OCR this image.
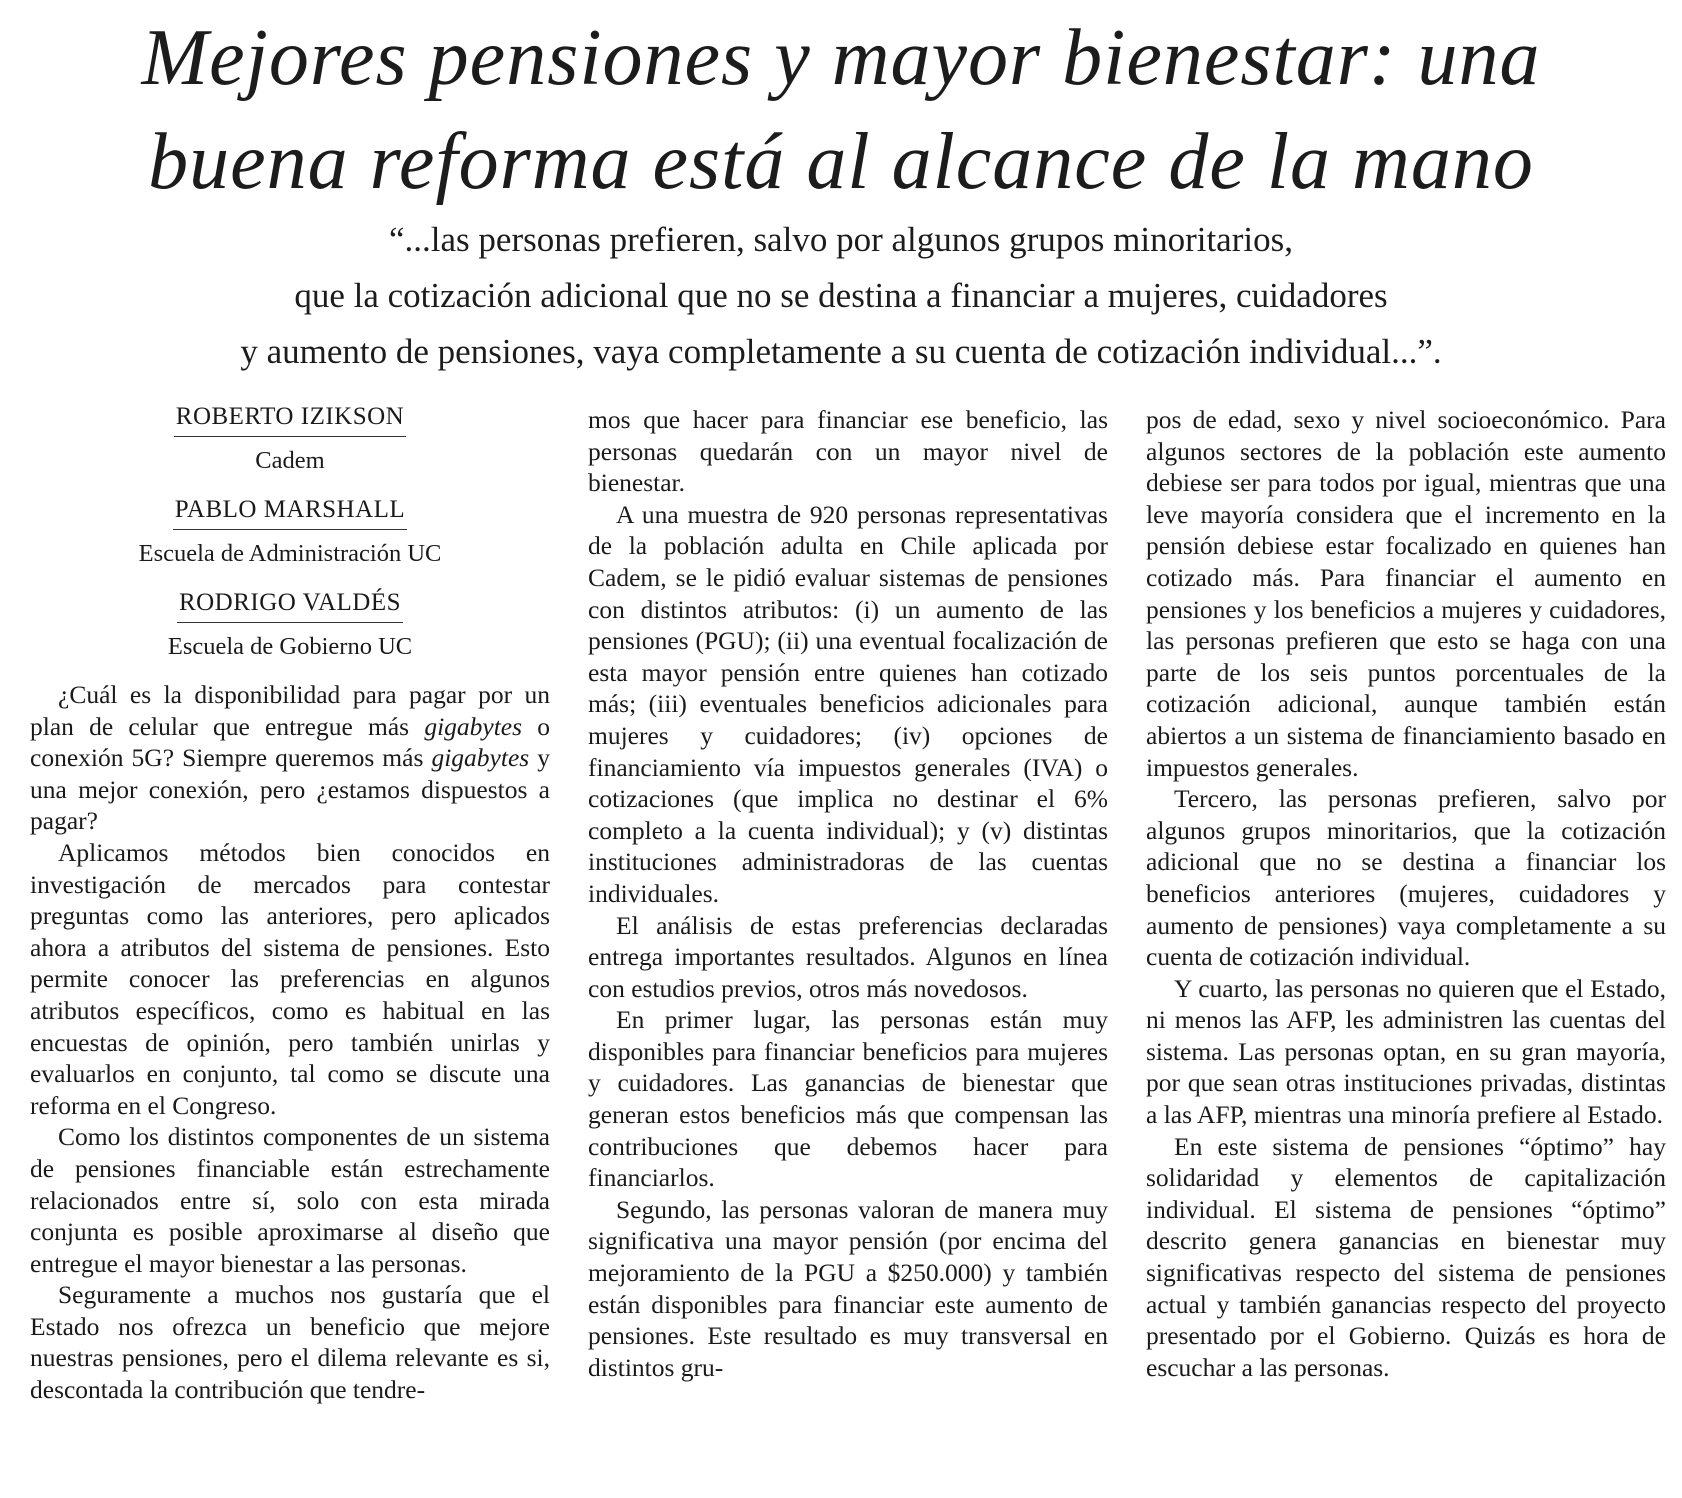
Mejores pensiones y mayor bienestar: una
buena reforma está al alcance de la mano
“...las personas prefieren, salvo por algunos grupos minoritarios,
que la cotización adicional que no se destina a financiar a mujeres, cuidadores
y aumento de pensiones, vaya completamente a su cuenta de cotización individual...”.
ROBERTO IZIKSON
Cadem
PABLO MARSHALL
Escuela de Administración UC
RODRIGO VALDÉS
Escuela de Gobierno UC

¿Cuál es la disponibilidad para pagar por un plan de celular que entregue más gigabytes o conexión 5G? Siempre queremos más gigabytes y una mejor conexión, pero ¿estamos dispuestos a pagar?

Aplicamos métodos bien conocidos en investigación de mercados para contestar preguntas como las anteriores, pero aplicados ahora a atributos del sistema de pensiones. Esto permite conocer las preferencias en algunos atributos específicos, como es habitual en las encuestas de opinión, pero también unirlas y evaluarlos en conjunto, tal como se discute una reforma en el Congreso.

Como los distintos componentes de un sistema de pensiones financiable están estrechamente relacionados entre sí, solo con esta mirada conjunta es posible aproximarse al diseño que entregue el mayor bienestar a las personas.

Seguramente a muchos nos gustaría que el Estado nos ofrezca un beneficio que mejore nuestras pensiones, pero el dilema relevante es si, descontada la contribución que tendre-

mos que hacer para financiar ese beneficio, las personas quedarán con un mayor nivel de bienestar.

A una muestra de 920 personas representativas de la población adulta en Chile aplicada por Cadem, se le pidió evaluar sistemas de pensiones con distintos atributos: (i) un aumento de las pensiones (PGU); (ii) una eventual focalización de esta mayor pensión entre quienes han cotizado más; (iii) eventuales beneficios adicionales para mujeres y cuidadores; (iv) opciones de financiamiento vía impuestos generales (IVA) o cotizaciones (que implica no destinar el 6% completo a la cuenta individual); y (v) distintas instituciones administradoras de las cuentas individuales.

El análisis de estas preferencias declaradas entrega importantes resultados. Algunos en línea con estudios previos, otros más novedosos.

En primer lugar, las personas están muy disponibles para financiar beneficios para mujeres y cuidadores. Las ganancias de bienestar que generan estos beneficios más que compensan las contribuciones que debemos hacer para financiarlos.

Segundo, las personas valoran de manera muy significativa una mayor pensión (por encima del mejoramiento de la PGU a $250.000) y también están disponibles para financiar este aumento de pensiones. Este resultado es muy transversal en distintos gru-

pos de edad, sexo y nivel socioeconómico. Para algunos sectores de la población este aumento debiese ser para todos por igual, mientras que una leve mayoría considera que el incremento en la pensión debiese estar focalizado en quienes han cotizado más. Para financiar el aumento en pensiones y los beneficios a mujeres y cuidadores, las personas prefieren que esto se haga con una parte de los seis puntos porcentuales de la cotización adicional, aunque también están abiertos a un sistema de financiamiento basado en impuestos generales.

Tercero, las personas prefieren, salvo por algunos grupos minoritarios, que la cotización adicional que no se destina a financiar los beneficios anteriores (mujeres, cuidadores y aumento de pensiones) vaya completamente a su cuenta de cotización individual.

Y cuarto, las personas no quieren que el Estado, ni menos las AFP, les administren las cuentas del sistema. Las personas optan, en su gran mayoría, por que sean otras instituciones privadas, distintas a las AFP, mientras una minoría prefiere al Estado.

En este sistema de pensiones “óptimo” hay solidaridad y elementos de capitalización individual. El sistema de pensiones “óptimo” descrito genera ganancias en bienestar muy significativas respecto del sistema de pensiones actual y también ganancias respecto del proyecto presentado por el Gobierno. Quizás es hora de escuchar a las personas.
